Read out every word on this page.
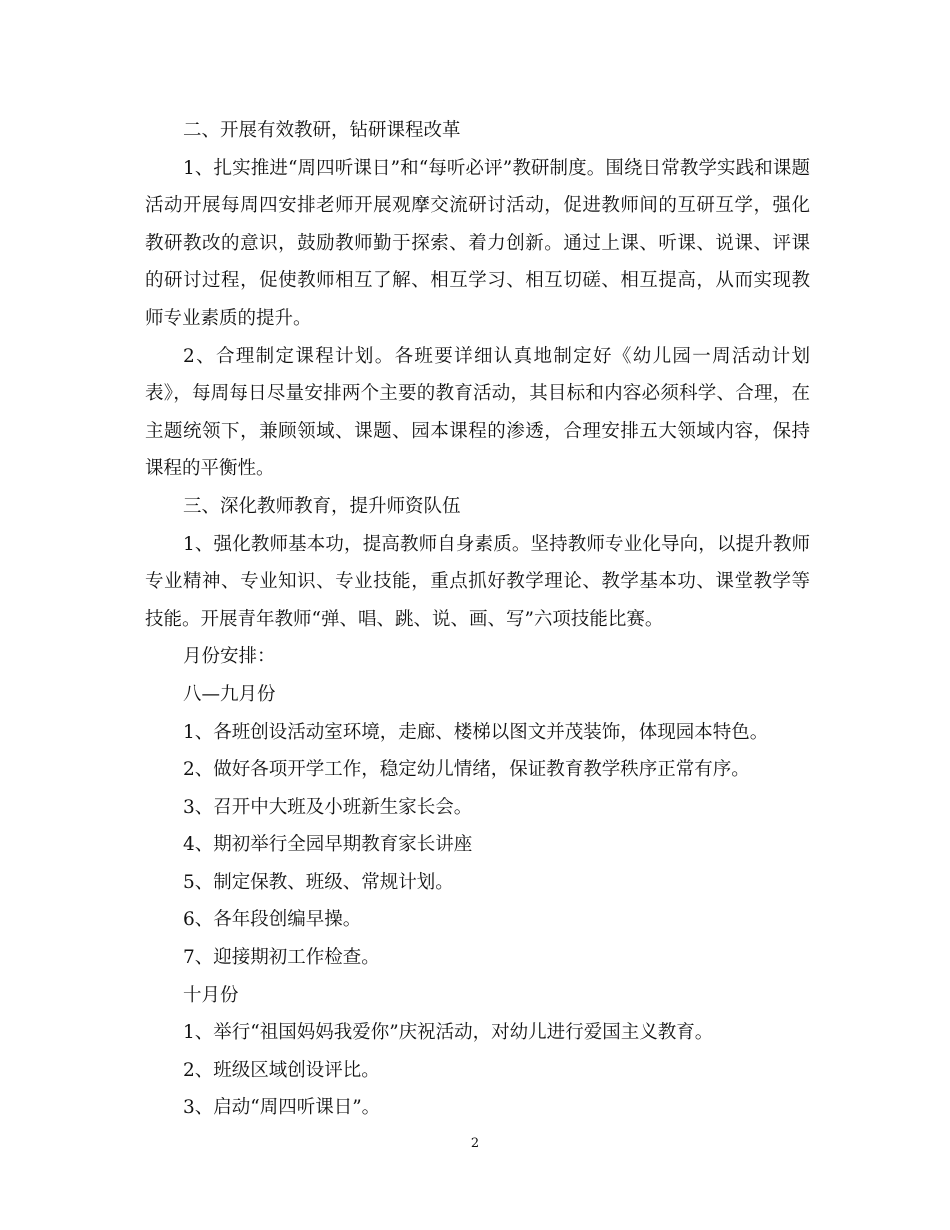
二、开展有效教研，钻研课程改革

1、扎实推进“周四听课日”和“每听必评”教研制度。围绕日常教学实践和课题活动开展每周四安排老师开展观摩交流研讨活动，促进教师间的互研互学，强化教研教改的意识，鼓励教师勤于探索、着力创新。通过上课、听课、说课、评课的研讨过程，促使教师相互了解、相互学习、相互切磋、相互提高，从而实现教师专业素质的提升。

2、合理制定课程计划。各班要详细认真地制定好《幼儿园一周活动计划表》，每周每日尽量安排两个主要的教育活动，其目标和内容必须科学、合理，在主题统领下，兼顾领域、课题、园本课程的渗透，合理安排五大领域内容，保持课程的平衡性。

三、深化教师教育，提升师资队伍

1、强化教师基本功，提高教师自身素质。坚持教师专业化导向，以提升教师专业精神、专业知识、专业技能，重点抓好教学理论、教学基本功、课堂教学等技能。开展青年教师“弹、唱、跳、说、画、写”六项技能比赛。

月份安排：

八—九月份

1、各班创设活动室环境，走廊、楼梯以图文并茂装饰，体现园本特色。

2、做好各项开学工作，稳定幼儿情绪，保证教育教学秩序正常有序。

3、召开中大班及小班新生家长会。

4、期初举行全园早期教育家长讲座

5、制定保教、班级、常规计划。

6、各年段创编早操。

7、迎接期初工作检查。

十月份

1、举行“祖国妈妈我爱你”庆祝活动，对幼儿进行爱国主义教育。

2、班级区域创设评比。

3、启动“周四听课日”。

2
